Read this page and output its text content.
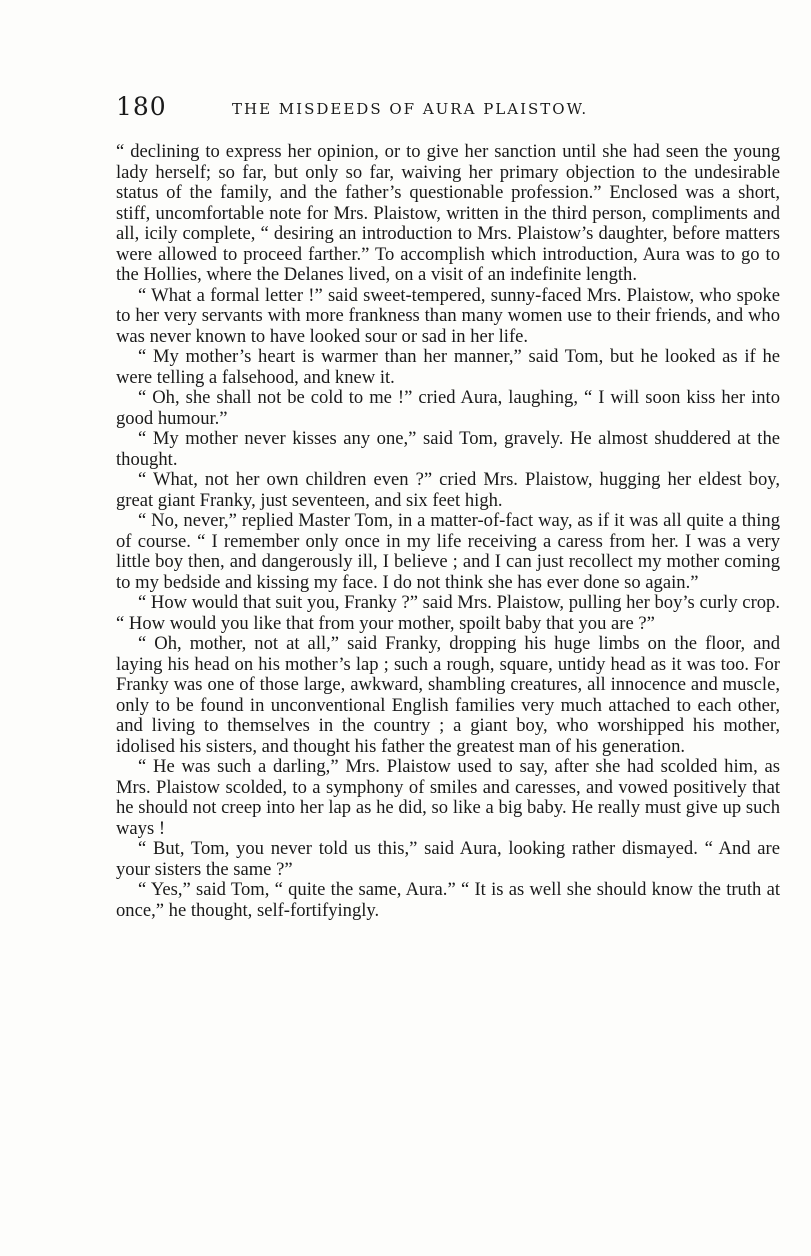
180	THE MISDEEDS OF AURA PLAISTOW.

“ declining to express her opinion, or to give her sanction until she had seen the young lady herself; so far, but only so far, waiving her primary objection to the undesirable status of the family, and the father’s questionable profession.” Enclosed was a short, stiff, uncomfortable note for Mrs. Plaistow, written in the third person, compliments and all, icily complete, “ desiring an introduction to Mrs. Plaistow’s daughter, before matters were allowed to proceed farther.” To accomplish which introduction, Aura was to go to the Hollies, where the Delanes lived, on a visit of an indefinite length.

“ What a formal letter !” said sweet-tempered, sunny-faced Mrs. Plaistow, who spoke to her very servants with more frankness than many women use to their friends, and who was never known to have looked sour or sad in her life.

“ My mother’s heart is warmer than her manner,” said Tom, but he looked as if he were telling a falsehood, and knew it.

“ Oh, she shall not be cold to me !” cried Aura, laughing, “ I will soon kiss her into good humour.”

“ My mother never kisses any one,” said Tom, gravely. He almost shuddered at the thought.

“ What, not her own children even ?” cried Mrs. Plaistow, hugging her eldest boy, great giant Franky, just seventeen, and six feet high.

“ No, never,” replied Master Tom, in a matter-of-fact way, as if it was all quite a thing of course. “ I remember only once in my life receiving a caress from her. I was a very little boy then, and dangerously ill, I believe ; and I can just recollect my mother coming to my bedside and kissing my face. I do not think she has ever done so again.”

“ How would that suit you, Franky ?” said Mrs. Plaistow, pulling her boy’s curly crop. “ How would you like that from your mother, spoilt baby that you are ?”

“ Oh, mother, not at all,” said Franky, dropping his huge limbs on the floor, and laying his head on his mother’s lap ; such a rough, square, untidy head as it was too. For Franky was one of those large, awkward, shambling creatures, all innocence and muscle, only to be found in unconventional English families very much attached to each other, and living to themselves in the country ; a giant boy, who worshipped his mother, idolised his sisters, and thought his father the greatest man of his generation.

“ He was such a darling,” Mrs. Plaistow used to say, after she had scolded him, as Mrs. Plaistow scolded, to a symphony of smiles and caresses, and vowed positively that he should not creep into her lap as he did, so like a big baby. He really must give up such ways !

“ But, Tom, you never told us this,” said Aura, looking rather dismayed. “ And are your sisters the same ?”

“ Yes,” said Tom, “ quite the same, Aura.” “ It is as well she should know the truth at once,” he thought, self-fortifyingly.
